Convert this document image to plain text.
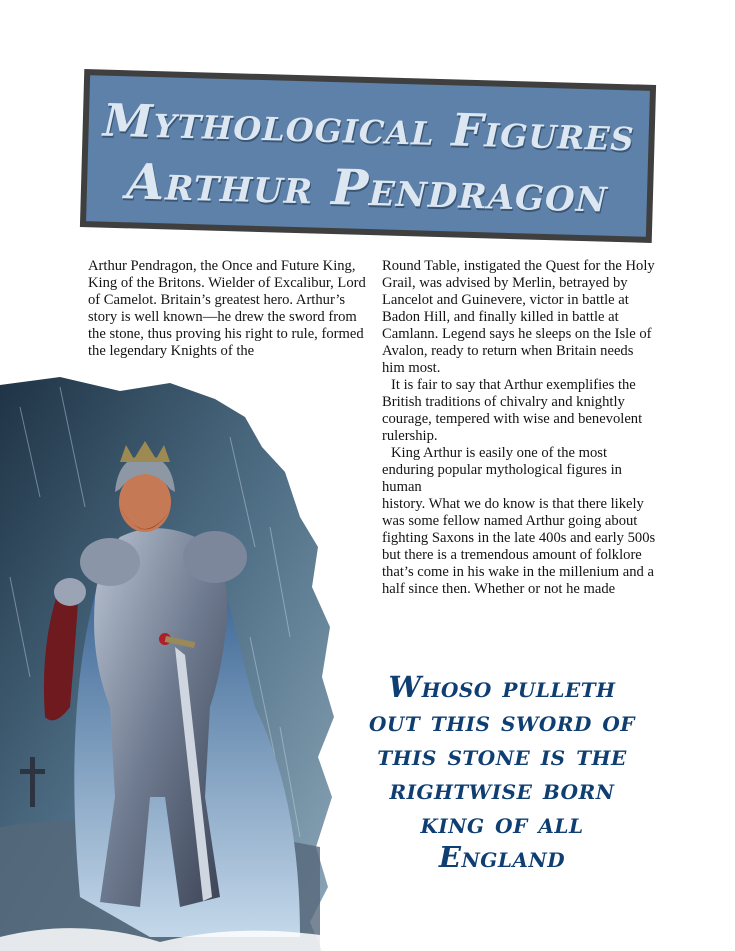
Mythological Figures
Arthur Pendragon

Arthur Pendragon, the Once and Future King, King of the Britons. Wielder of Excalibur, Lord of Camelot. Britain’s greatest hero. Arthur’s story is well known—he drew the sword from the stone, thus proving his right to rule, formed the legendary Knights of the

Round Table, instigated the Quest for the Holy Grail, was advised by Merlin, betrayed by Lancelot and Guinevere, victor in battle at Badon Hill, and finally killed in battle at Camlann. Legend says he sleeps on the Isle of Avalon, ready to return when Britain needs him most.

It is fair to say that Arthur exemplifies the British traditions of chivalry and knightly courage, tempered with wise and benevolent rulership.

King Arthur is easily one of the most enduring popular mythological figures in human

history. What we do know is that there likely was some fellow named Arthur going about fighting Saxons in the late 400s and early 500s but there is a tremendous amount of folklore that’s come in his wake in the millenium and a half since then. Whether or not he made

Whoso pulleth
out this sword of
this stone is the
rightwise born
king of all
England
